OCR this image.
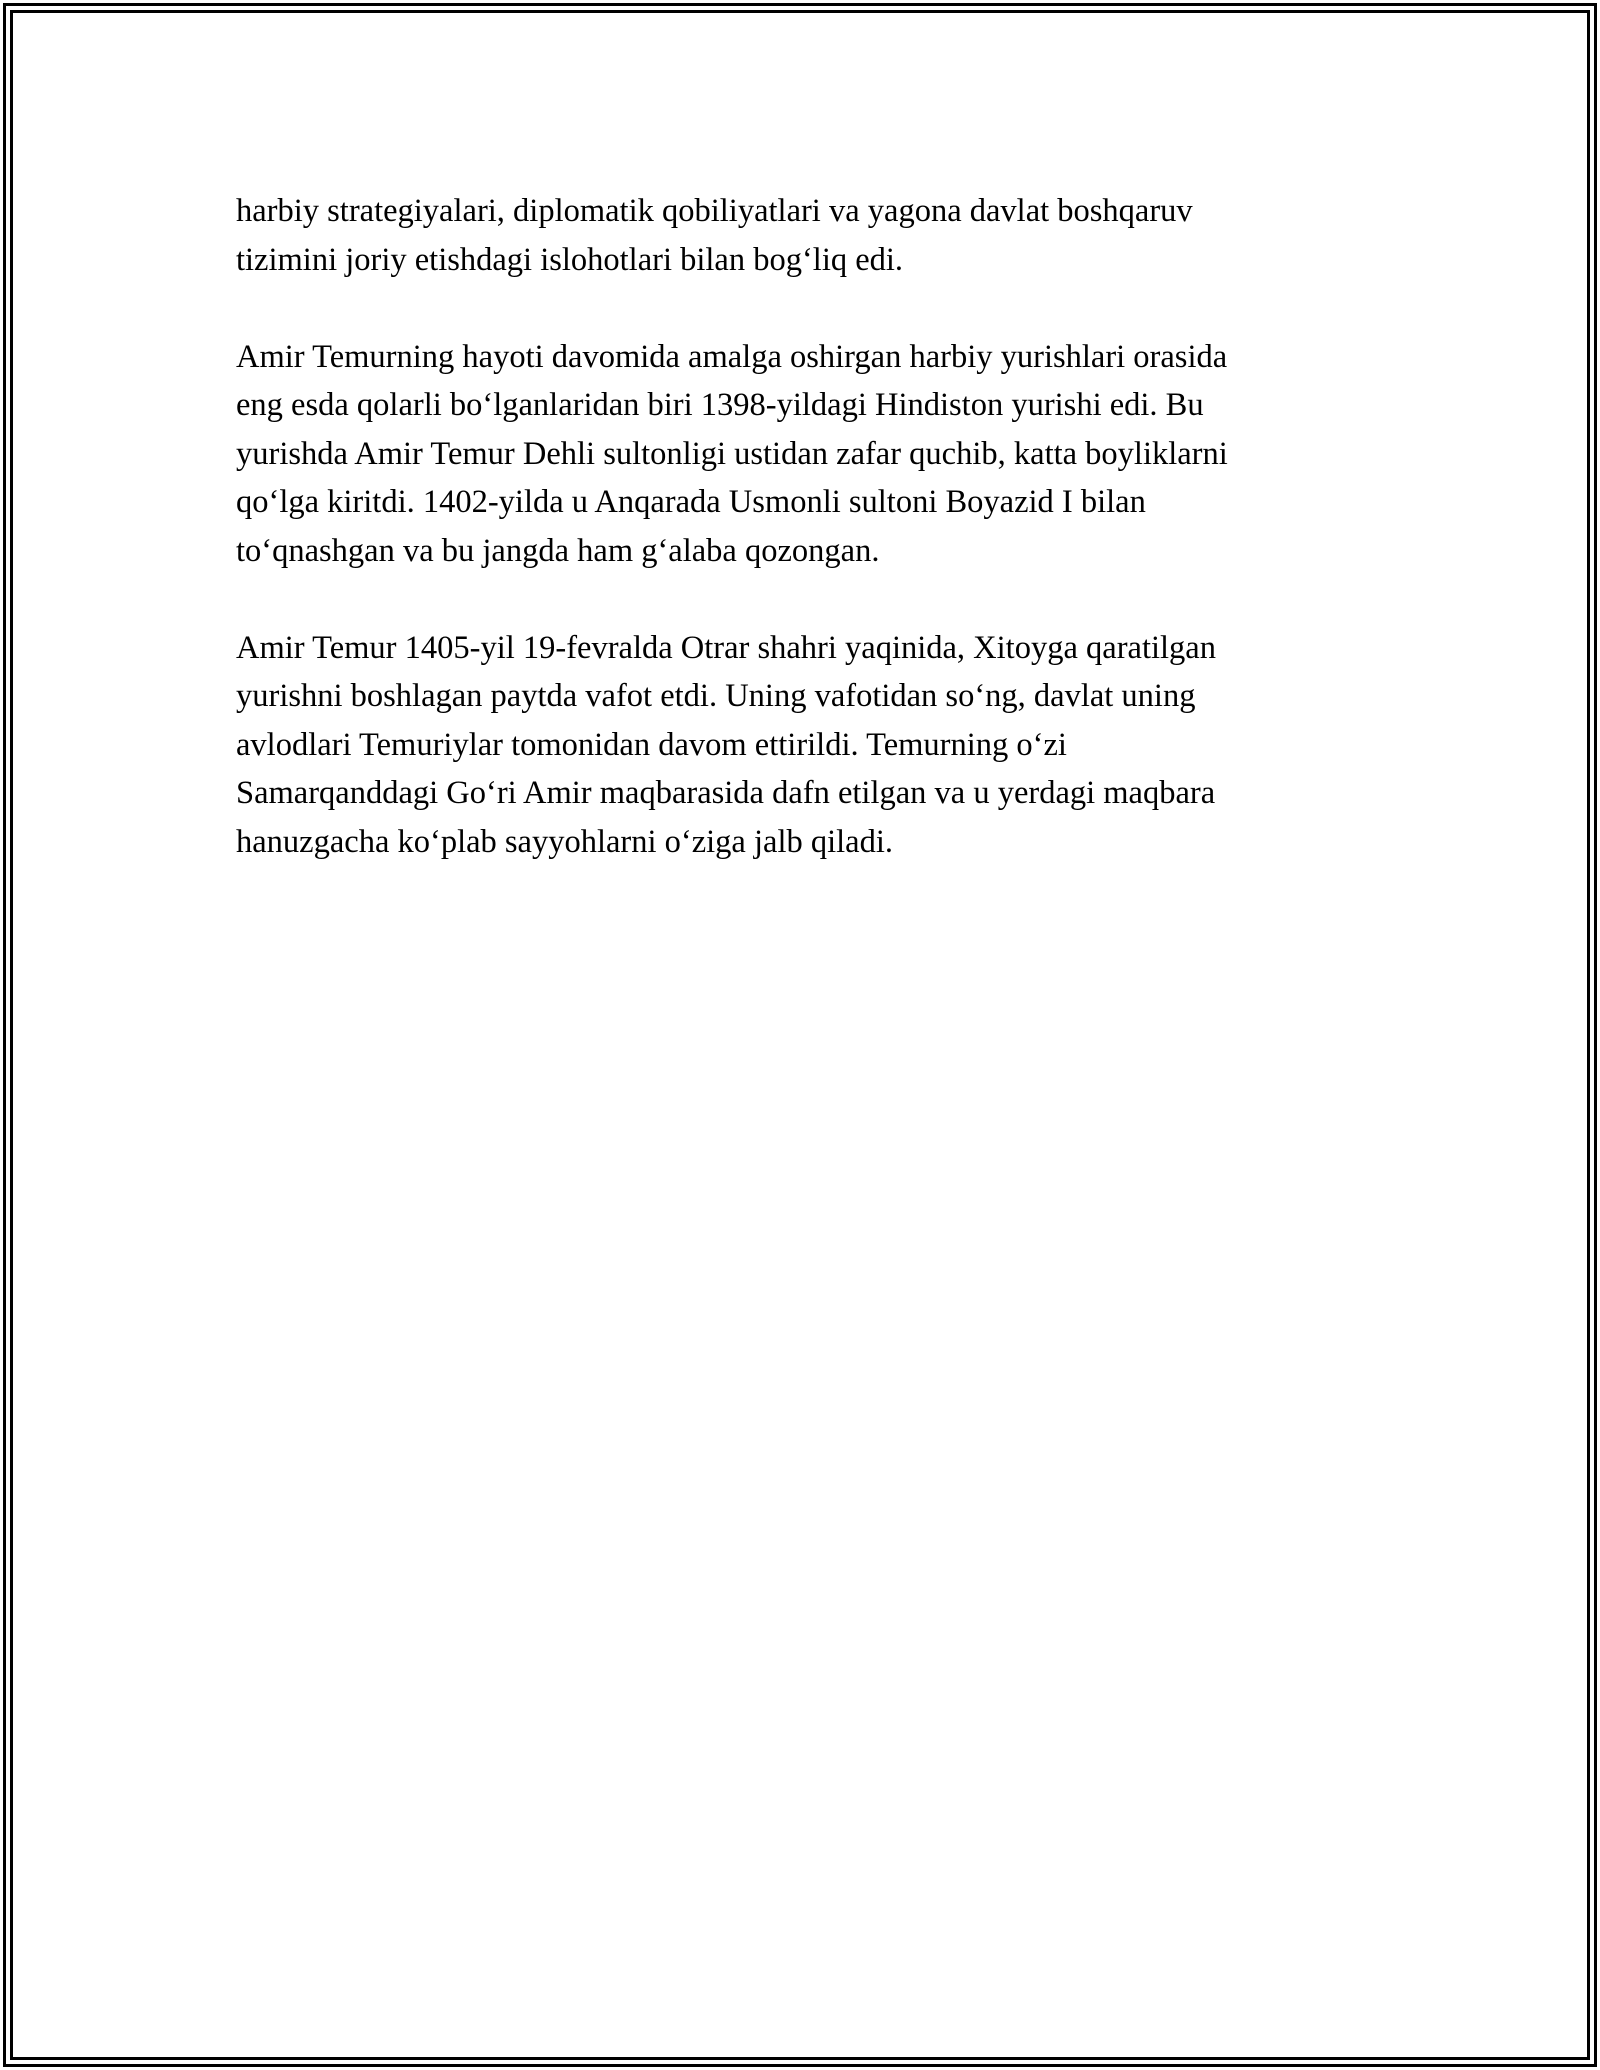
harbiy strategiyalari, diplomatik qobiliyatlari va yagona davlat boshqaruv
tizimini joriy etishdagi islohotlari bilan bog‘liq edi.

Amir Temurning hayoti davomida amalga oshirgan harbiy yurishlari orasida
eng esda qolarli bo‘lganlaridan biri 1398-yildagi Hindiston yurishi edi. Bu
yurishda Amir Temur Dehli sultonligi ustidan zafar quchib, katta boyliklarni
qo‘lga kiritdi. 1402-yilda u Anqarada Usmonli sultoni Boyazid I bilan
to‘qnashgan va bu jangda ham g‘alaba qozongan.

Amir Temur 1405-yil 19-fevralda Otrar shahri yaqinida, Xitoyga qaratilgan
yurishni boshlagan paytda vafot etdi. Uning vafotidan so‘ng, davlat uning
avlodlari Temuriylar tomonidan davom ettirildi. Temurning o‘zi
Samarqanddagi Go‘ri Amir maqbarasida dafn etilgan va u yerdagi maqbara
hanuzgacha ko‘plab sayyohlarni o‘ziga jalb qiladi.
